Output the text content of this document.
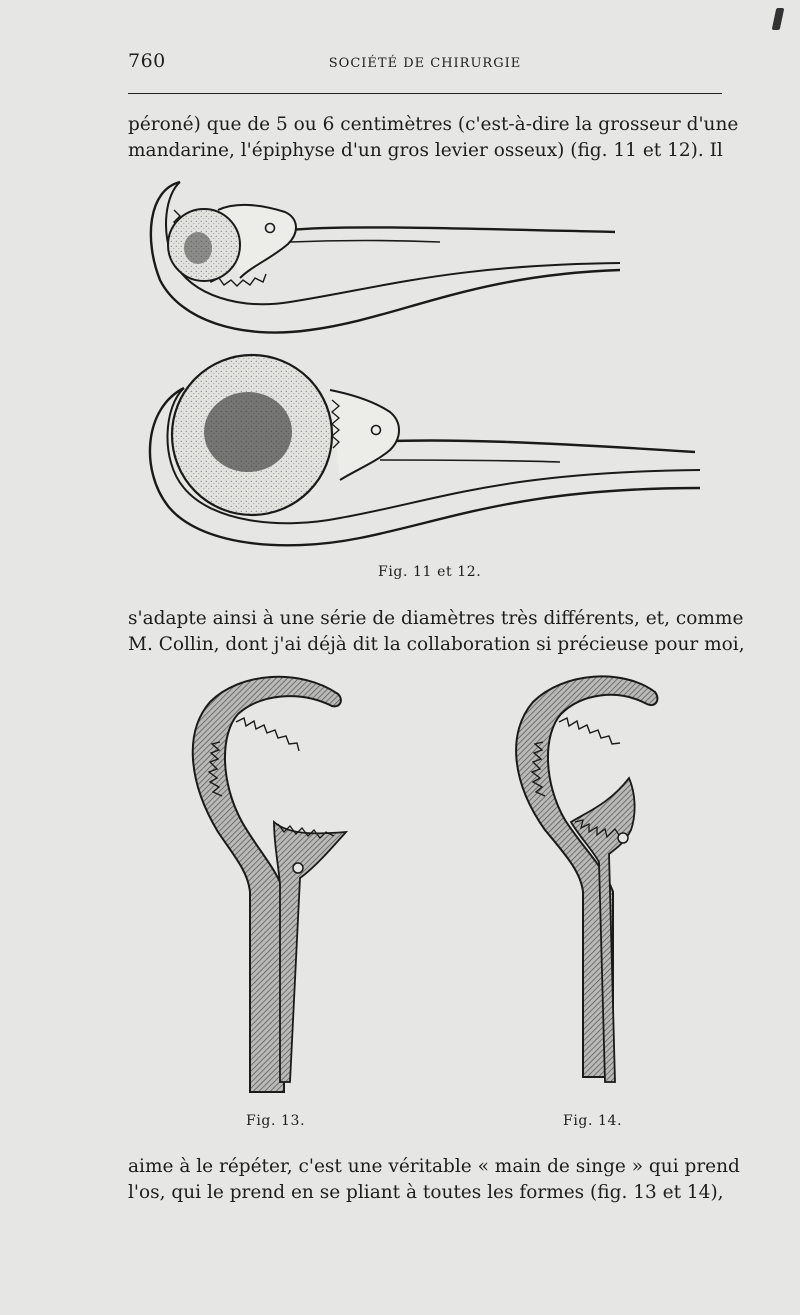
760	SOCIÉTÉ DE CHIRURGIE
péroné) que de 5 ou 6 centimètres (c'est-à-dire la grosseur d'une
mandarine, l'épiphyse d'un gros levier osseux) (fig. 11 et 12). Il
Fig. 11 et 12.
s'adapte ainsi à une série de diamètres très différents, et, comme
M. Collin, dont j'ai déjà dit la collaboration si précieuse pour moi,
Fig. 13.	Fig. 14.
aime à le répéter, c'est une véritable « main de singe » qui prend
l'os, qui le prend en se pliant à toutes les formes (fig. 13 et 14),
